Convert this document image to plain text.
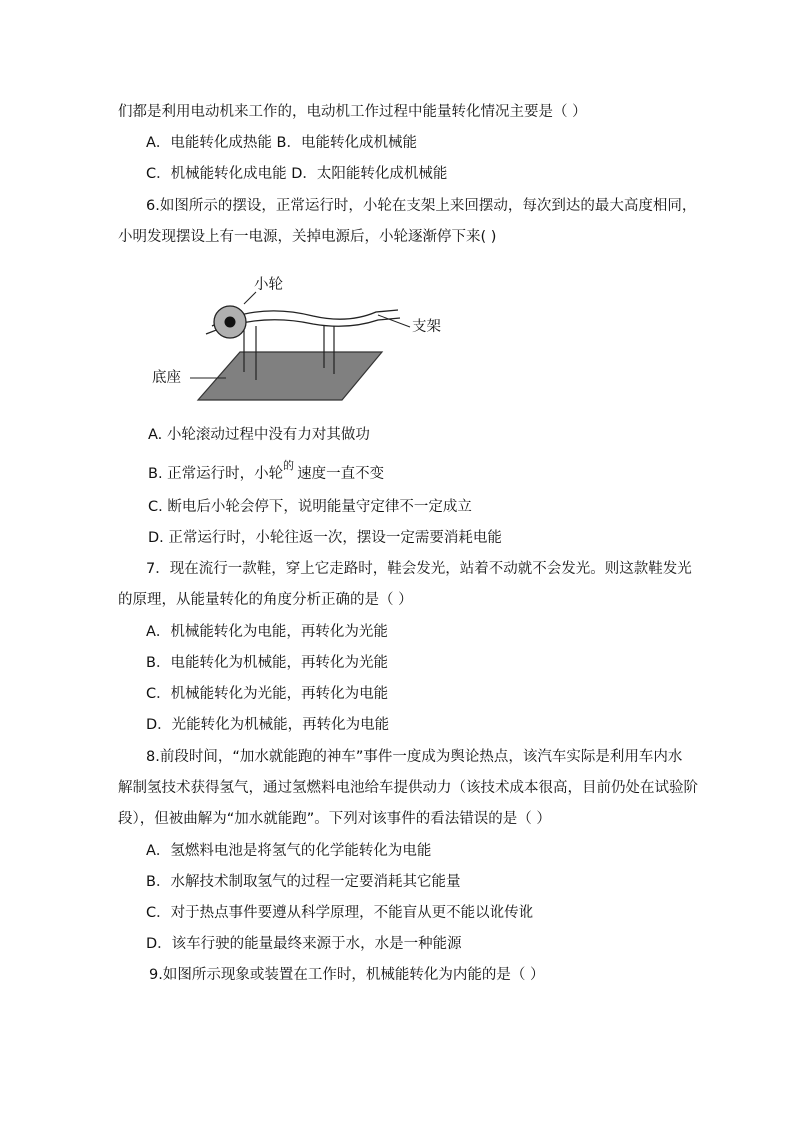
们都是利用电动机来工作的，电动机工作过程中能量转化情况主要是（ ）
A．电能转化成热能 B．电能转化成机械能
C．机械能转化成电能 D．太阳能转化成机械能
6.如图所示的摆设，正常运行时，小轮在支架上来回摆动，每次到达的最大高度相同，
小明发现摆设上有一电源，关掉电源后，小轮逐渐停下来( )
小轮
支架
底座
A. 小轮滚动过程中没有力对其做功
B. 正常运行时，小轮 速度一直不变
的
C. 断电后小轮会停下，说明能量守定律不一定成立
D. 正常运行时，小轮往返一次，摆设一定需要消耗电能
7．现在流行一款鞋，穿上它走路时，鞋会发光，站着不动就不会发光。则这款鞋发光
的原理，从能量转化的角度分析正确的是（ ）
A．机械能转化为电能，再转化为光能
B．电能转化为机械能，再转化为光能
C．机械能转化为光能，再转化为电能
D．光能转化为机械能，再转化为电能
8.前段时间，“加水就能跑的神车”事件一度成为舆论热点，该汽车实际是利用车内水
解制氢技术获得氢气，通过氢燃料电池给车提供动力（该技术成本很高，目前仍处在试验阶
段），但被曲解为“加水就能跑”。下列对该事件的看法错误的是（ ）
A．氢燃料电池是将氢气的化学能转化为电能
B．水解技术制取氢气的过程一定要消耗其它能量
C．对于热点事件要遵从科学原理，不能盲从更不能以讹传讹
D．该车行驶的能量最终来源于水，水是一种能源
9.如图所示现象或装置在工作时，机械能转化为内能的是（ ）
